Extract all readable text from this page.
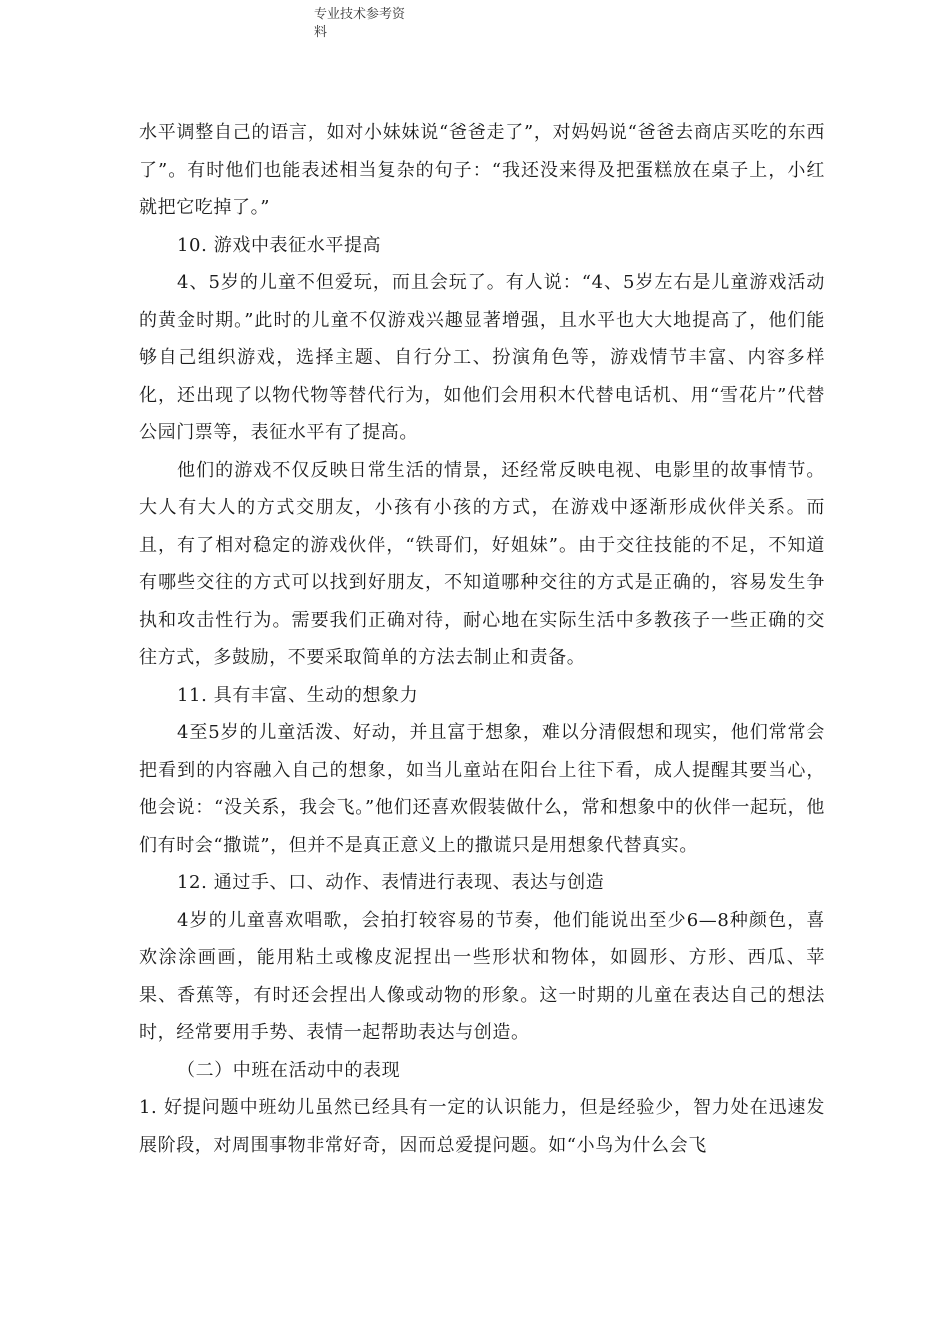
专业技术参考资
料

水平调整自己的语言，如对小妹妹说“爸爸走了”，对妈妈说“爸爸去商店买吃的东西了”。有时他们也能表述相当复杂的句子：“我还没来得及把蛋糕放在桌子上，小红就把它吃掉了。”

10. 游戏中表征水平提高

4、5岁的儿童不但爱玩，而且会玩了。有人说：“4、5岁左右是儿童游戏活动的黄金时期。”此时的儿童不仅游戏兴趣显著增强，且水平也大大地提高了，他们能够自己组织游戏，选择主题、自行分工、扮演角色等，游戏情节丰富、内容多样化，还出现了以物代物等替代行为，如他们会用积木代替电话机、用“雪花片”代替公园门票等，表征水平有了提高。

他们的游戏不仅反映日常生活的情景，还经常反映电视、电影里的故事情节。大人有大人的方式交朋友，小孩有小孩的方式，在游戏中逐渐形成伙伴关系。而且，有了相对稳定的游戏伙伴，“铁哥们，好姐妹”。由于交往技能的不足，不知道有哪些交往的方式可以找到好朋友，不知道哪种交往的方式是正确的，容易发生争执和攻击性行为。需要我们正确对待，耐心地在实际生活中多教孩子一些正确的交往方式，多鼓励，不要采取简单的方法去制止和责备。

11. 具有丰富、生动的想象力

4至5岁的儿童活泼、好动，并且富于想象，难以分清假想和现实，他们常常会把看到的内容融入自己的想象，如当儿童站在阳台上往下看，成人提醒其要当心，他会说：“没关系，我会飞。”他们还喜欢假装做什么，常和想象中的伙伴一起玩，他们有时会“撒谎”，但并不是真正意义上的撒谎只是用想象代替真实。

12. 通过手、口、动作、表情进行表现、表达与创造

4岁的儿童喜欢唱歌，会拍打较容易的节奏，他们能说出至少6—8种颜色，喜欢涂涂画画，能用粘土或橡皮泥捏出一些形状和物体，如圆形、方形、西瓜、苹果、香蕉等，有时还会捏出人像或动物的形象。这一时期的儿童在表达自己的想法时，经常要用手势、表情一起帮助表达与创造。

（二）中班在活动中的表现

1. 好提问题中班幼儿虽然已经具有一定的认识能力，但是经验少，智力处在迅速发展阶段，对周围事物非常好奇，因而总爱提问题。如“小鸟为什么会飞
